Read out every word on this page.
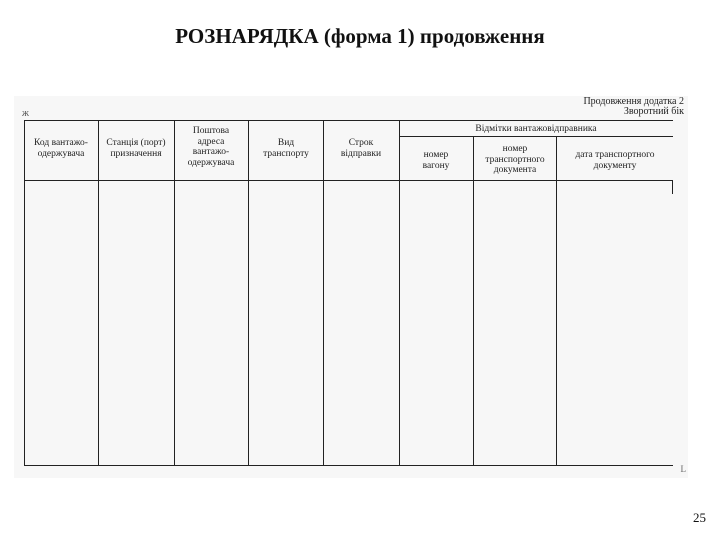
РОЗНАРЯДКА (форма 1) продовження
ж
Продовження додатка 2
Зворотний бік
Код вантажо-одержувача
Станція (порт) призначення
Поштова адреса вантажо-одержувача
Вид транспорту
Строк відправки
Відмітки вантажовідправника
номер вагону
номер транспортного документа
дата транспортного документу
L
25
